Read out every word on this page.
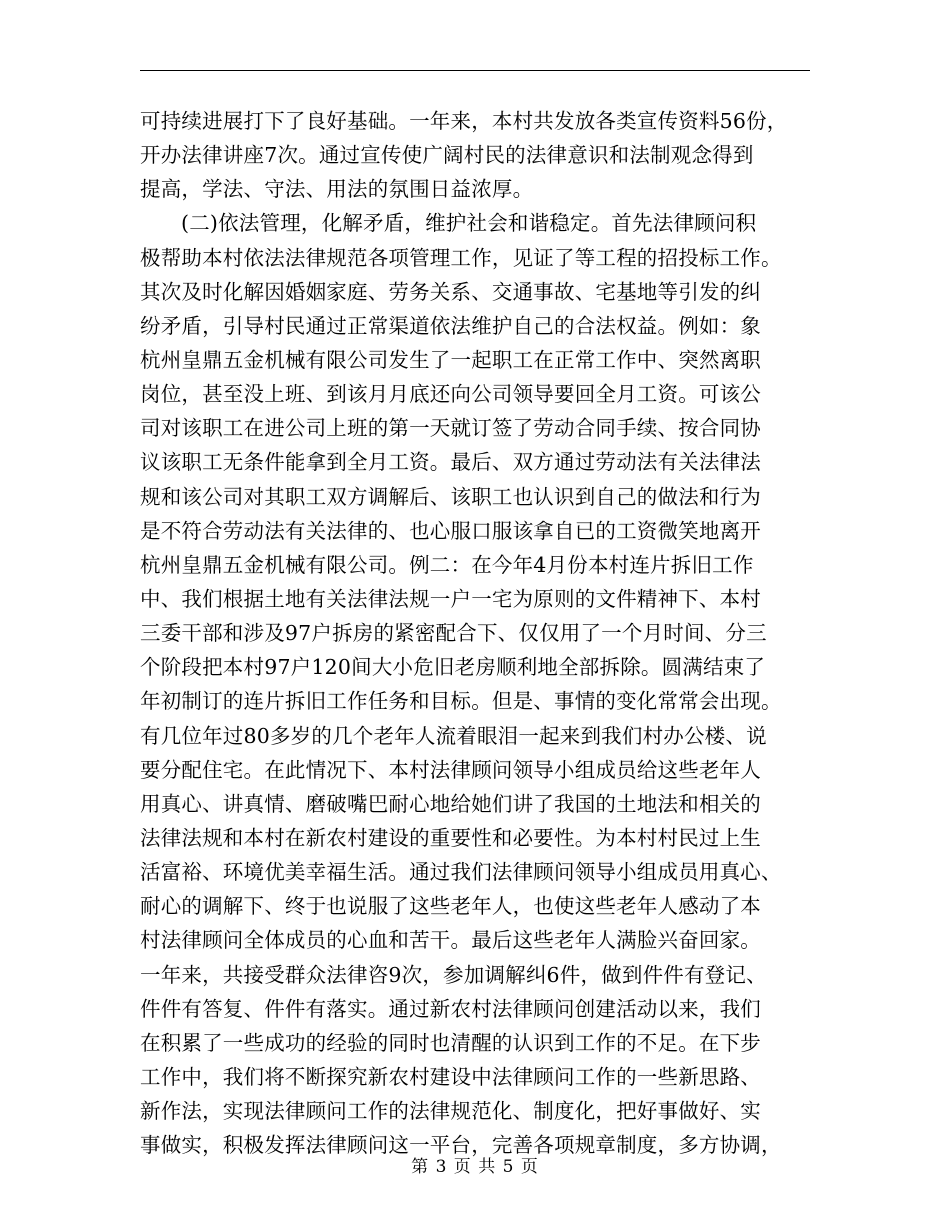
可持续进展打下了良好基础。一年来，本村共发放各类宣传资料56份，
开办法律讲座7次。通过宣传使广阔村民的法律意识和法制观念得到
提高，学法、守法、用法的氛围日益浓厚。
(二)依法管理，化解矛盾，维护社会和谐稳定。首先法律顾问积
极帮助本村依法法律规范各项管理工作，见证了等工程的招投标工作。
其次及时化解因婚姻家庭、劳务关系、交通事故、宅基地等引发的纠
纷矛盾，引导村民通过正常渠道依法维护自己的合法权益。例如：象
杭州皇鼎五金机械有限公司发生了一起职工在正常工作中、突然离职
岗位，甚至没上班、到该月月底还向公司领导要回全月工资。可该公
司对该职工在进公司上班的第一天就订签了劳动合同手续、按合同协
议该职工无条件能拿到全月工资。最后、双方通过劳动法有关法律法
规和该公司对其职工双方调解后、该职工也认识到自己的做法和行为
是不符合劳动法有关法律的、也心服口服该拿自已的工资微笑地离开
杭州皇鼎五金机械有限公司。例二：在今年4月份本村连片拆旧工作
中、我们根据土地有关法律法规一户一宅为原则的文件精神下、本村
三委干部和涉及97户拆房的紧密配合下、仅仅用了一个月时间、分三
个阶段把本村97户120间大小危旧老房顺利地全部拆除。圆满结束了
年初制订的连片拆旧工作任务和目标。但是、事情的变化常常会出现。
有几位年过80多岁的几个老年人流着眼泪一起来到我们村办公楼、说
要分配住宅。在此情况下、本村法律顾问领导小组成员给这些老年人
用真心、讲真情、磨破嘴巴耐心地给她们讲了我国的土地法和相关的
法律法规和本村在新农村建设的重要性和必要性。为本村村民过上生
活富裕、环境优美幸福生活。通过我们法律顾问领导小组成员用真心、
耐心的调解下、终于也说服了这些老年人，也使这些老年人感动了本
村法律顾问全体成员的心血和苦干。最后这些老年人满脸兴奋回家。
一年来，共接受群众法律咨9次，参加调解纠6件，做到件件有登记、
件件有答复、件件有落实。通过新农村法律顾问创建活动以来，我们
在积累了一些成功的经验的同时也清醒的认识到工作的不足。在下步
工作中，我们将不断探究新农村建设中法律顾问工作的一些新思路、
新作法，实现法律顾问工作的法律规范化、制度化，把好事做好、实
事做实，积极发挥法律顾问这一平台，完善各项规章制度，多方协调，
第 3 页 共 5 页
